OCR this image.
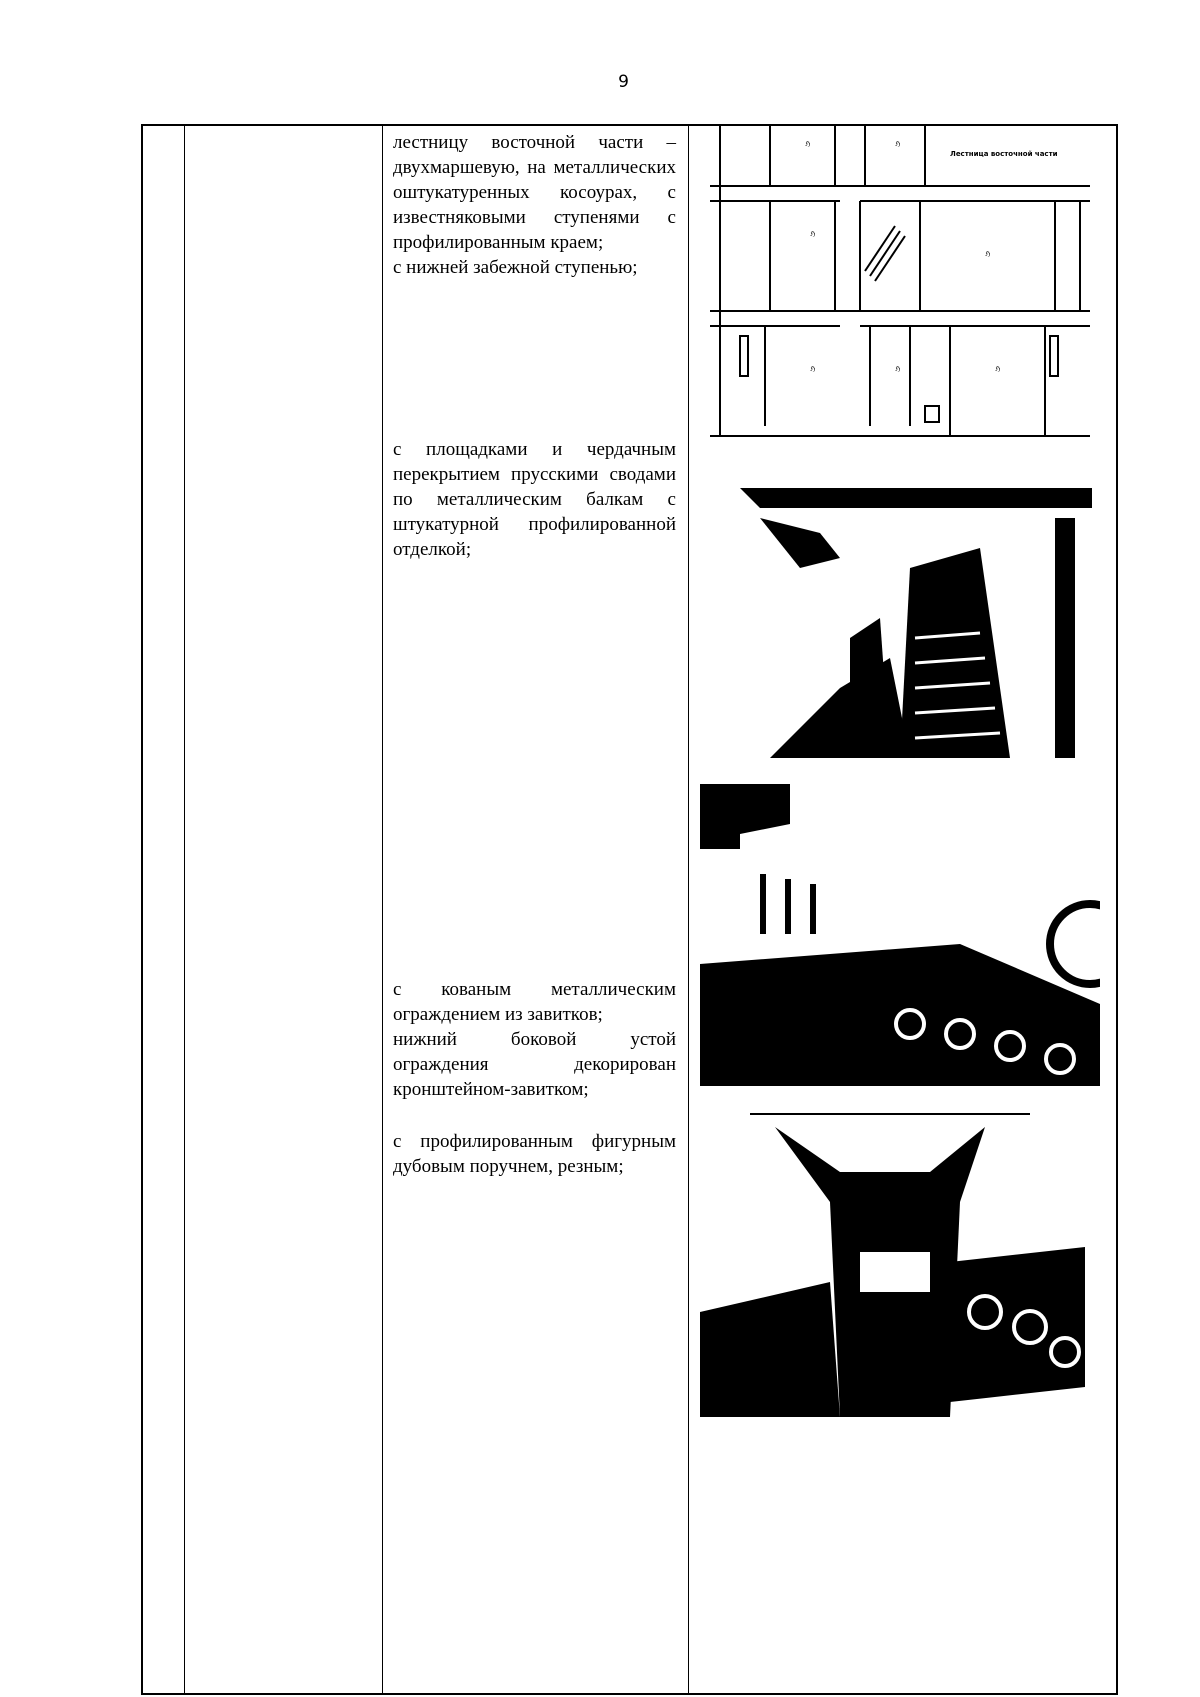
9

лестницу восточной части – двухмаршевую, на металлических оштукатуренных косоурах, с известняковыми ступенями с профилированным краем;

с нижней забежной ступенью;

с площадками и чердачным перекрытием прусскими сводами по металлическим балкам с штукатурной профилированной отделкой;

с кованым металлическим ограждением из завитков;

нижний боковой устой ограждения декорирован кронштейном-завитком;

с профилированным фигурным дубовым поручнем, резным;

ℌ	ℌ
ℌ
ℌ
ℌ	ℌ	ℌ
Лестница восточной части
